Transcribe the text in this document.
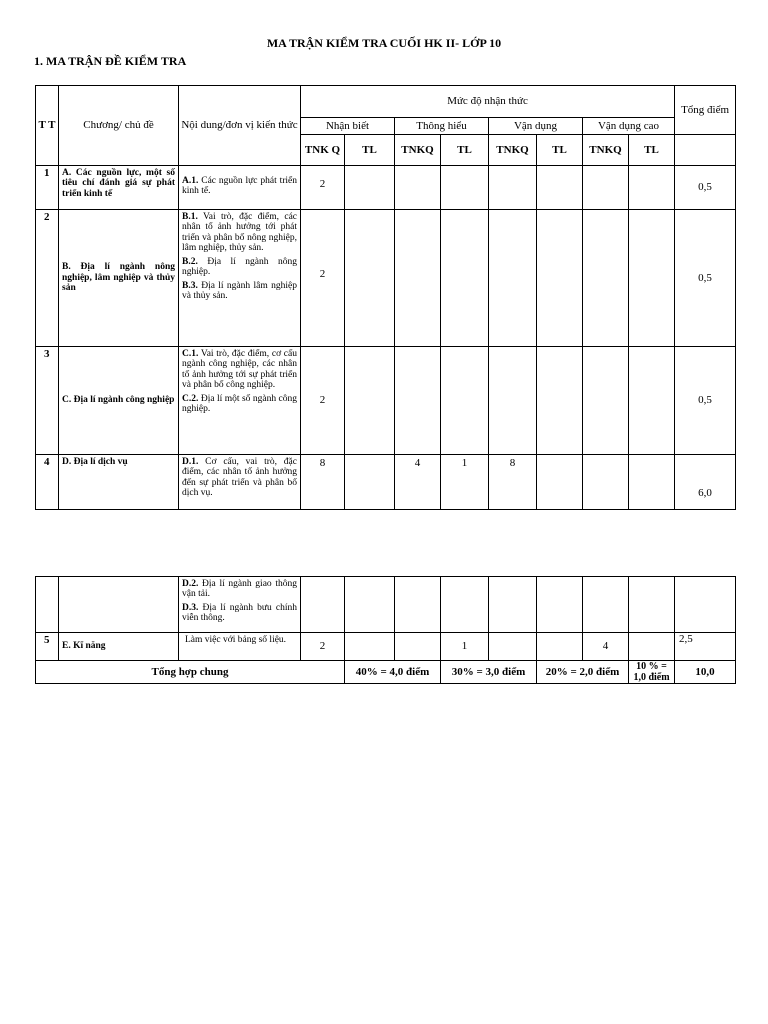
MA TRẬN KIỂM TRA CUỐI HK II- LỚP 10
1. MA TRẬN ĐỀ KIỂM TRA
T T	Chương/ chủ đề	Nội dung/đơn vị kiến thức	Mức độ nhận thức								Tổng điểm
			Nhận biết		Thông hiểu		Vận dụng		Vận dụng cao		
			TNK Q	TL	TNKQ	TL	TNKQ	TL	TNKQ	TL	
1	A. Các nguồn lực, một số tiêu chí đánh giá sự phát triển kinh tế	A.1. Các nguồn lực phát triển kinh tế.	2								0,5
2	B. Địa lí ngành nông nghiệp, lâm nghiệp và thủy sản	B.1. Vai trò, đặc điểm, các nhân tố ảnh hưởng tới phát triển và phân bố nông nghiệp, lâm nghiệp, thủy sản.

B.2. Địa lí ngành nông nghiệp.

B.3. Địa lí ngành lâm nghiệp và thủy sản.	2								0,5
3	C. Địa lí ngành công nghiệp	C.1. Vai trò, đặc điểm, cơ cấu ngành công nghiệp, các nhân tố ảnh hưởng tới sự phát triển và phân bố công nghiệp.

C.2. Địa lí một số ngành công nghiệp.	2								0,5
4	D. Địa lí dịch vụ	D.1. Cơ cấu, vai trò, đặc điểm, các nhân tố ảnh hưởng đến sự phát triển và phân bố dịch vụ.	8		4	1	8				6,0

		D.2. Địa lí ngành giao thông vận tải.

D.3. Địa lí ngành bưu chính viễn thông.									

5	E. Kĩ năng	Làm việc với bảng số liệu.	2			1			4		2,5
Tổng hợp chung				40% = 4,0 điểm		30% = 3,0 điểm		20% = 2,0 điểm		10 % = 1,0 điểm	10,0
